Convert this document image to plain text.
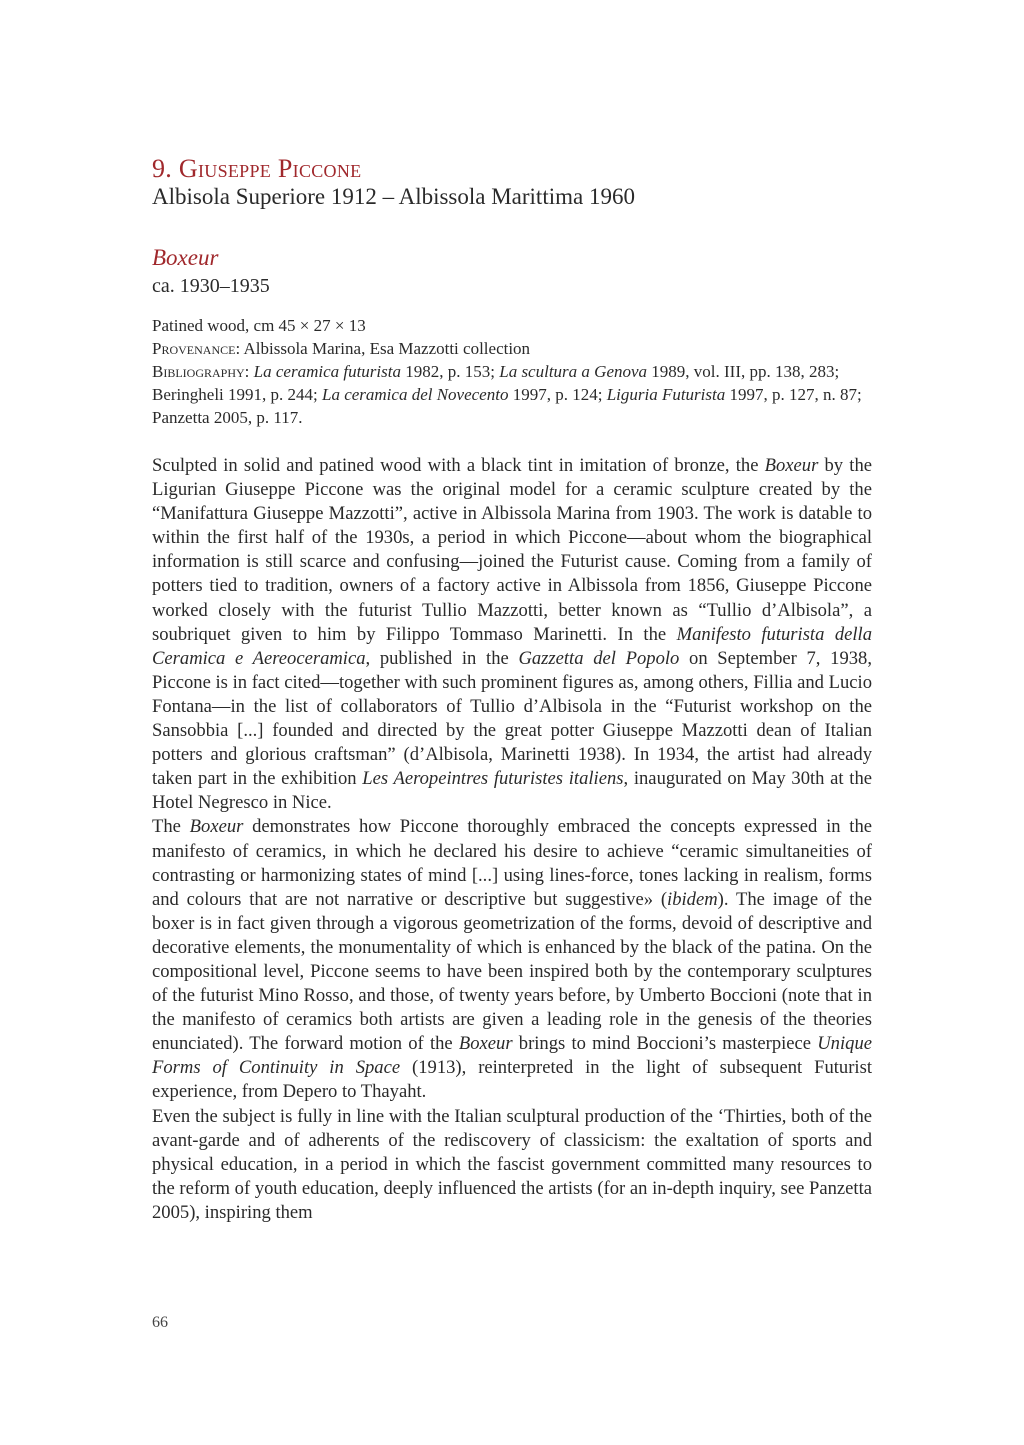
9. Giuseppe Piccone

Albisola Superiore 1912 – Albissola Marittima 1960

Boxeur

ca. 1930–1935

Patined wood, cm 45 × 27 × 13

Provenance: Albissola Marina, Esa Mazzotti collection

Bibliography: La ceramica futurista 1982, p. 153; La scultura a Genova 1989, vol. III, pp. 138, 283; Beringheli 1991, p. 244; La ceramica del Novecento 1997, p. 124; Liguria Futurista 1997, p. 127, n. 87; Panzetta 2005, p. 117.

Sculpted in solid and patined wood with a black tint in imitation of bronze, the Boxeur by the Ligurian Giuseppe Piccone was the original model for a ceramic sculpture created by the “Manifattura Giuseppe Mazzotti”, active in Albissola Marina from 1903. The work is datable to within the first half of the 1930s, a period in which Piccone—about whom the biographical information is still scarce and confusing—joined the Futurist cause. Coming from a family of potters tied to tradition, owners of a factory active in Albissola from 1856, Giuseppe Piccone worked closely with the futurist Tullio Mazzotti, better known as “Tullio d’Albisola”, a soubriquet given to him by Filippo Tommaso Marinetti. In the Manifesto futurista della Ceramica e Aereoceramica, published in the Gazzetta del Popolo on September 7, 1938, Piccone is in fact cited—together with such prominent figures as, among others, Fillia and Lucio Fontana—in the list of collaborators of Tullio d’Albisola in the “Futurist workshop on the Sansobbia [...] founded and directed by the great potter Giuseppe Mazzotti dean of Italian potters and glorious craftsman” (d’Albisola, Marinetti 1938). In 1934, the artist had already taken part in the exhibition Les Aeropeintres futuristes italiens, inaugurated on May 30th at the Hotel Negresco in Nice.

The Boxeur demonstrates how Piccone thoroughly embraced the concepts expressed in the manifesto of ceramics, in which he declared his desire to achieve “ceramic simultaneities of contrasting or harmonizing states of mind [...] using lines-force, tones lacking in realism, forms and colours that are not narrative or descriptive but suggestive» (ibidem). The image of the boxer is in fact given through a vigorous geometrization of the forms, devoid of descriptive and decorative elements, the monumentality of which is enhanced by the black of the patina. On the compositional level, Piccone seems to have been inspired both by the contemporary sculptures of the futurist Mino Rosso, and those, of twenty years before, by Umberto Boccioni (note that in the manifesto of ceramics both artists are given a leading role in the genesis of the theories enunciated). The forward motion of the Boxeur brings to mind Boccioni’s masterpiece Unique Forms of Continuity in Space (1913), reinterpreted in the light of subsequent Futurist experience, from Depero to Thayaht.

Even the subject is fully in line with the Italian sculptural production of the ‘Thirties, both of the avant-garde and of adherents of the rediscovery of classicism: the exaltation of sports and physical education, in a period in which the fascist government committed many resources to the reform of youth education, deeply influenced the artists (for an in-depth inquiry, see Panzetta 2005), inspiring them

66
